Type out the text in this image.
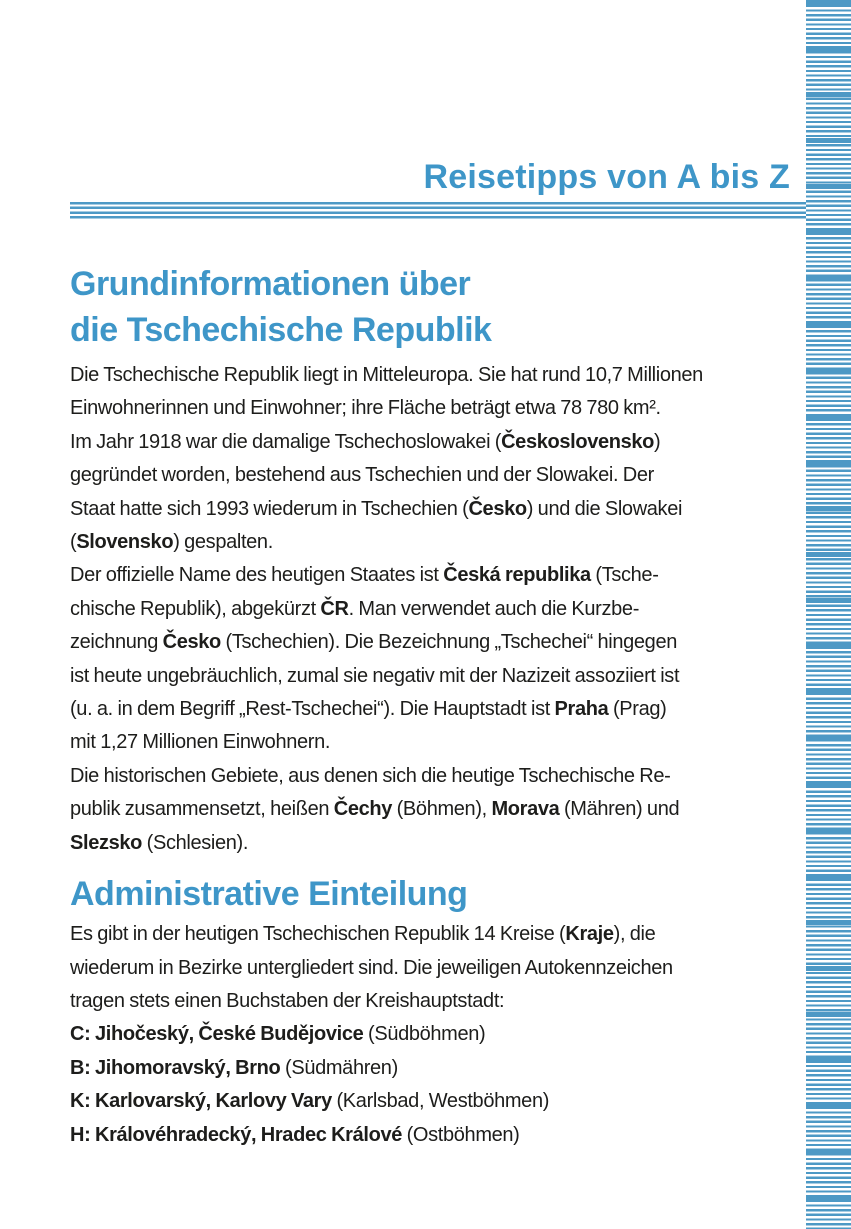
Reisetipps von A bis Z
Grundinformationen über
die Tschechische Republik
Die Tschechische Republik liegt in Mitteleuropa. Sie hat rund 10,7 Millionen
Einwohnerinnen und Einwohner; ihre Fläche beträgt etwa 78 780 km².
Im Jahr 1918 war die damalige Tschechoslowakei (Československo)
gegründet worden, bestehend aus Tschechien und der Slowakei. Der
Staat hatte sich 1993 wiederum in Tschechien (Česko) und die Slowakei
(Slovensko) gespalten.
Der offizielle Name des heutigen Staates ist Česká republika (Tsche-
chische Republik), abgekürzt ČR. Man verwendet auch die Kurzbe-
zeichnung Česko (Tschechien). Die Bezeichnung „Tschechei“ hingegen
ist heute ungebräuchlich, zumal sie negativ mit der Nazizeit assoziiert ist
(u. a. in dem Begriff „Rest-Tschechei“). Die Hauptstadt ist Praha (Prag)
mit 1,27 Millionen Einwohnern.
Die historischen Gebiete, aus denen sich die heutige Tschechische Re-
publik zusammensetzt, heißen Čechy (Böhmen), Morava (Mähren) und
Slezsko (Schlesien).
Administrative Einteilung
Es gibt in der heutigen Tschechischen Republik 14 Kreise (Kraje), die
wiederum in Bezirke untergliedert sind. Die jeweiligen Autokennzeichen
tragen stets einen Buchstaben der Kreishauptstadt:
C: Jihočeský, České Budějovice (Südböhmen)
B: Jihomoravský, Brno (Südmähren)
K: Karlovarský, Karlovy Vary (Karlsbad, Westböhmen)
H: Královéhradecký, Hradec Králové (Ostböhmen)
